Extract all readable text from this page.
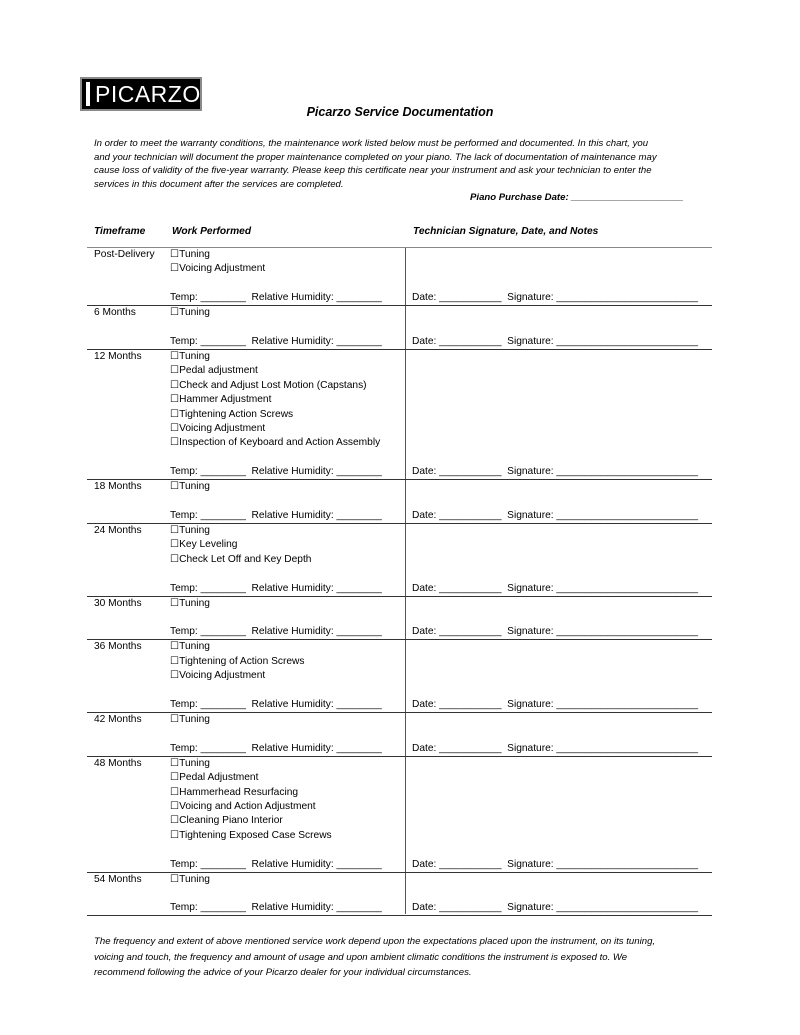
PICARZO
Picarzo Service Documentation
In order to meet the warranty conditions, the maintenance work listed below must be performed and documented. In this chart, you
and your technician will document the proper maintenance completed on your piano. The lack of documentation of maintenance may
cause loss of validity of the five-year warranty. Please keep this certificate near your instrument and ask your technician to enter the
services in this document after the services are completed.
Piano Purchase Date: _____________________
Timeframe	Work Performed	Technician Signature, Date, and Notes
Post-Delivery ☐Tuning
☐Voicing Adjustment
Temp: ________  Relative Humidity: ________	Date: ___________  Signature: _________________________
6 Months	☐Tuning
Temp: ________  Relative Humidity: ________	Date: ___________  Signature: _________________________
12 Months	☐Tuning
☐Pedal adjustment
☐Check and Adjust Lost Motion (Capstans)
☐Hammer Adjustment
☐Tightening Action Screws
☐Voicing Adjustment
☐Inspection of Keyboard and Action Assembly
Temp: ________  Relative Humidity: ________	Date: ___________  Signature: _________________________
18 Months	☐Tuning
Temp: ________  Relative Humidity: ________	Date: ___________  Signature: _________________________
24 Months	☐Tuning
☐Key Leveling
☐Check Let Off and Key Depth
Temp: ________  Relative Humidity: ________	Date: ___________  Signature: _________________________
30 Months	☐Tuning
Temp: ________  Relative Humidity: ________	Date: ___________  Signature: _________________________
36 Months	☐Tuning
☐Tightening of Action Screws
☐Voicing Adjustment
Temp: ________  Relative Humidity: ________	Date: ___________  Signature: _________________________
42 Months	☐Tuning
Temp: ________  Relative Humidity: ________	Date: ___________  Signature: _________________________
48 Months	☐Tuning
☐Pedal Adjustment
☐Hammerhead Resurfacing
☐Voicing and Action Adjustment
☐Cleaning Piano Interior
☐Tightening Exposed Case Screws
Temp: ________  Relative Humidity: ________	Date: ___________  Signature: _________________________
54 Months	☐Tuning
Temp: ________  Relative Humidity: ________	Date: ___________  Signature: _________________________
The frequency and extent of above mentioned service work depend upon the expectations placed upon the instrument, on its tuning,
voicing and touch, the frequency and amount of usage and upon ambient climatic conditions the instrument is exposed to. We
recommend following the advice of your Picarzo dealer for your individual circumstances.
